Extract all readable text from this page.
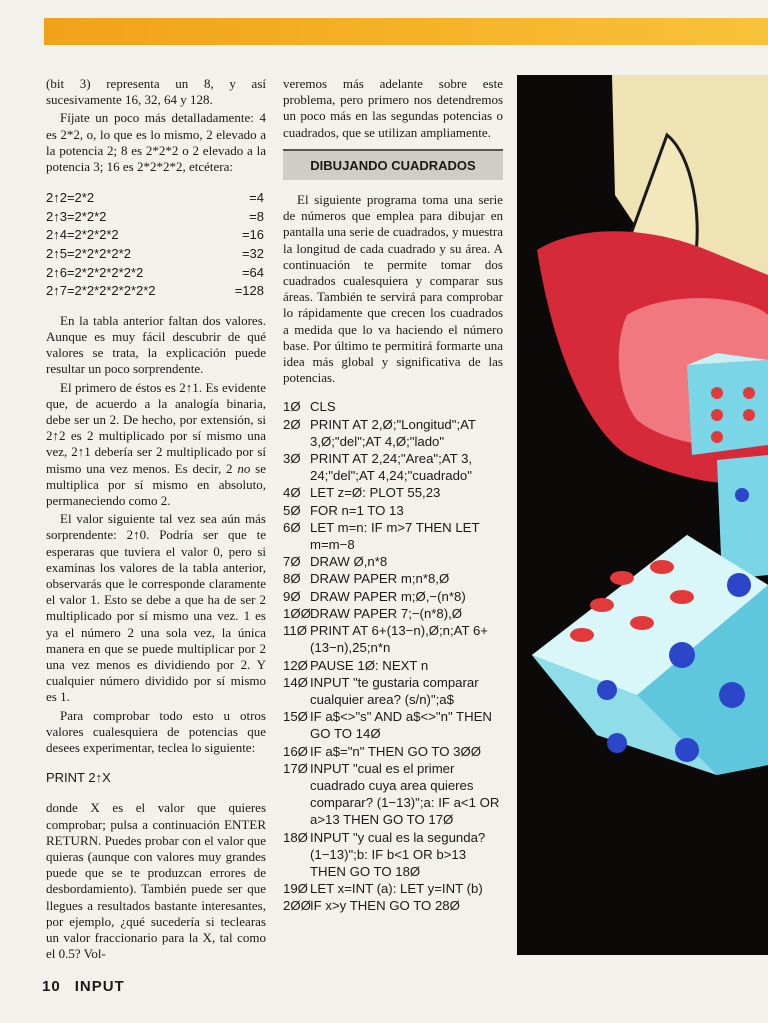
(bit 3) representa un 8, y así sucesivamente 16, 32, 64 y 128.

Fíjate un poco más detalladamente: 4 es 2*2, o, lo que es lo mismo, 2 elevado a la potencia 2; 8 es 2*2*2 o 2 elevado a la potencia 3; 16 es 2*2*2*2, etcétera:

2↑2=2*2	=4
2↑3=2*2*2	=8
2↑4=2*2*2*2	=16
2↑5=2*2*2*2*2	=32
2↑6=2*2*2*2*2*2	=64
2↑7=2*2*2*2*2*2*2	=128

En la tabla anterior faltan dos valores. Aunque es muy fácil descubrir de qué valores se trata, la explicación puede resultar un poco sorprendente.

El primero de éstos es 2↑1. Es evidente que, de acuerdo a la analogía binaria, debe ser un 2. De hecho, por extensión, si 2↑2 es 2 multiplicado por sí mismo una vez, 2↑1 debería ser 2 multiplicado por sí mismo una vez menos. Es decir, 2 no se multiplica por sí mismo en absoluto, permaneciendo como 2.

El valor siguiente tal vez sea aún más sorprendente: 2↑0. Podría ser que te esperaras que tuviera el valor 0, pero si examinas los valores de la tabla anterior, observarás que le corresponde claramente el valor 1. Esto se debe a que ha de ser 2 multiplicado por sí mismo una vez. 1 es ya el número 2 una sola vez, la única manera en que se puede multiplicar por 2 una vez menos es dividiendo por 2. Y cualquier número dividido por sí mismo es 1.

Para comprobar todo esto u otros valores cualesquiera de potencias que desees experimentar, teclea lo siguiente:

PRINT 2↑X

donde X es el valor que quieres comprobar; pulsa a continuación ENTER RETURN. Puedes probar con el valor que quieras (aunque con valores muy grandes puede que se te produzcan errores de desbordamiento). También puede ser que llegues a resultados bastante interesantes, por ejemplo, ¿qué sucedería si teclearas un valor fraccionario para la X, tal como el 0.5? Vol-

veremos más adelante sobre este problema, pero primero nos detendremos un poco más en las segundas potencias o cuadrados, que se utilizan ampliamente.

DIBUJANDO CUADRADOS

El siguiente programa toma una serie de números que emplea para dibujar en pantalla una serie de cuadrados, y muestra la longitud de cada cuadrado y su área. A continuación te permite tomar dos cuadrados cualesquiera y comparar sus áreas. También te servirá para comprobar lo rápidamente que crecen los cuadrados a medida que lo va haciendo el número base. Por último te permitirá formarte una idea más global y significativa de las potencias.

1Ø CLS
2Ø PRINT AT 2,Ø;"Longitud";AT 3,Ø;"del";AT 4,Ø;"lado"
3Ø PRINT AT 2,24;"Area";AT 3, 24;"del";AT 4,24;"cuadrado"
4Ø LET z=Ø: PLOT 55,23
5Ø FOR n=1 TO 13
6Ø LET m=n: IF m>7 THEN LET m=m−8
7Ø DRAW Ø,n*8
8Ø DRAW PAPER m;n*8,Ø
9Ø DRAW PAPER m;Ø,−(n*8)
1ØØ DRAW PAPER 7;−(n*8),Ø
11Ø PRINT AT 6+(13−n),Ø;n;AT 6+(13−n),25;n*n
12Ø PAUSE 1Ø: NEXT n
14Ø INPUT "te gustaria comparar cualquier area? (s/n)";a$
15Ø IF a$<>"s" AND a$<>"n" THEN GO TO 14Ø
16Ø IF a$="n" THEN GO TO 3ØØ
17Ø INPUT "cual es el primer cuadrado cuya area quieres comparar? (1−13)";a: IF a<1 OR a>13 THEN GO TO 17Ø
18Ø INPUT "y cual es la segunda? (1−13)";b: IF b<1 OR b>13 THEN GO TO 18Ø
19Ø LET x=INT (a): LET y=INT (b)
2ØØ IF x>y THEN GO TO 28Ø
10 INPUT
